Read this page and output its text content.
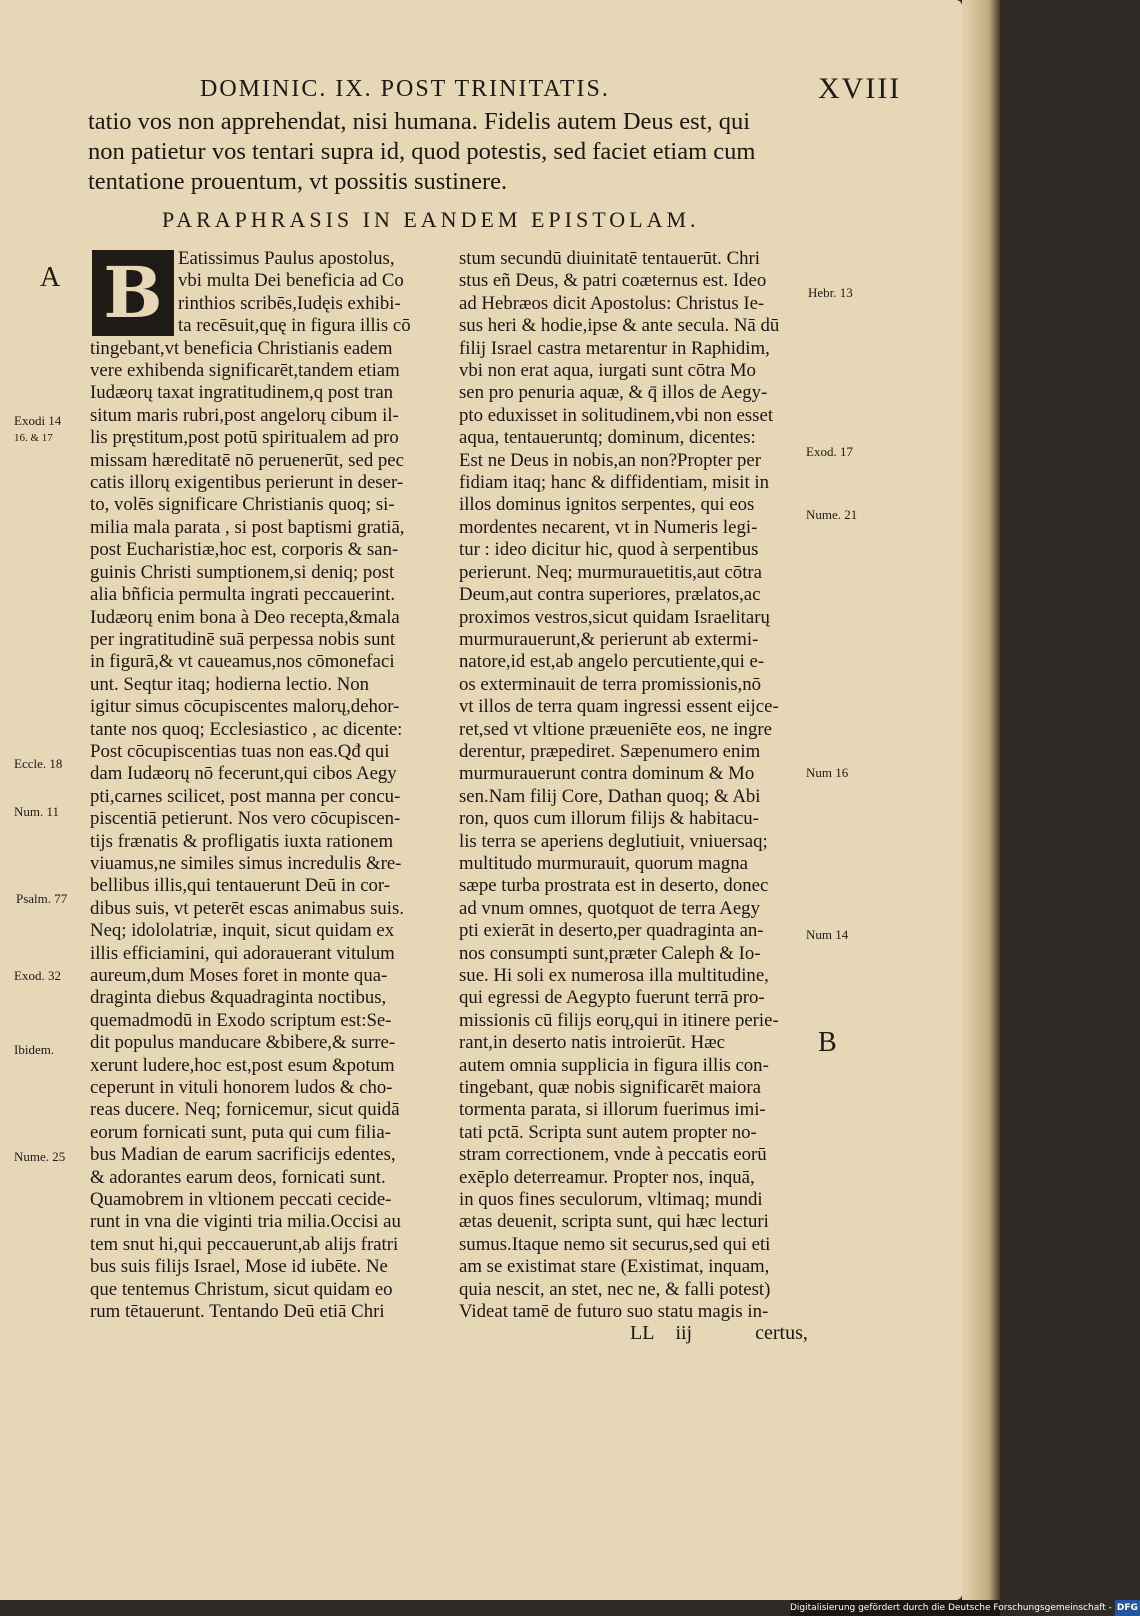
DOMINIC. IX. POST TRINITATIS.	XVIII
tatio vos non apprehendat, nisi humana. Fidelis autem Deus est, qui
non patietur vos tentari supra id, quod potestis, sed faciet etiam cum
tentatione prouentum, vt possitis sustinere.
PARAPHRASIS IN EANDEM EPISTOLAM.
B Eatissimus Paulus apostolus,
vbi multa Dei beneficia ad Co
rinthios scribēs,Iudęis exhibi-
ta recēsuit,quę in figura illis cō
tingebant,vt beneficia Christianis eadem
vere exhibenda significarēt,tandem etiam
Iudæorų taxat ingratitudinem,q post tran
situm maris rubri,post angelorų cibum il-
lis pręstitum,post potū spiritualem ad pro
missam hæreditatē nō peruenerūt, sed pec
catis illorų exigentibus perierunt in deser-
to, volēs significare Christianis quoq; si-
milia mala parata , si post baptismi gratiā,
post Eucharistiæ,hoc est, corporis & san-
guinis Christi sumptionem,si deniq; post
alia bñficia permulta ingrati peccauerint.
Iudæorų enim bona à Deo recepta,&mala
per ingratitudinē suā perpessa nobis sunt
in figurā,& vt caueamus,nos cōmonefaci
unt. Seqtur itaq; hodierna lectio. Non
igitur simus cōcupiscentes malorų,dehor-
tante nos quoq; Ecclesiastico , ac dicente:
Post cōcupiscentias tuas non eas.Qđ qui
dam Iudæorų nō fecerunt,qui cibos Aegy
pti,carnes scilicet, post manna per concu-
piscentiā petierunt. Nos vero cōcupiscen-
tijs frænatis & profligatis iuxta rationem
viuamus,ne similes simus incredulis &re-
bellibus illis,qui tentauerunt Deū in cor-
dibus suis, vt peterēt escas animabus suis.
Neq; idololatriæ, inquit, sicut quidam ex
illis efficiamini, qui adorauerant vitulum
aureum,dum Moses foret in monte qua-
draginta diebus &quadraginta noctibus,
quemadmodū in Exodo scriptum est:Se-
dit populus manducare &bibere,& surre-
xerunt ludere,hoc est,post esum &potum
ceperunt in vituli honorem ludos & cho-
reas ducere. Neq; fornicemur, sicut quidā
eorum fornicati sunt, puta qui cum filia-
bus Madian de earum sacrificijs edentes,
& adorantes earum deos, fornicati sunt.
Quamobrem in vltionem peccati cecide-
runt in vna die viginti tria milia.Occisi au
tem snut hi,qui peccauerunt,ab alijs fratri
bus suis filijs Israel, Mose id iubēte. Ne
que tentemus Christum, sicut quidam eo
rum tētauerunt. Tentando Deū etiā Chri
stum secundū diuinitatē tentauerūt. Chri
stus eñ Deus, & patri coæternus est. Ideo
ad Hebræos dicit Apostolus: Christus Ie-
sus heri & hodie,ipse & ante secula. Nā dū
filij Israel castra metarentur in Raphidim,
vbi non erat aqua, iurgati sunt cōtra Mo
sen pro penuria aquæ, & q̄ illos de Aegy-
pto eduxisset in solitudinem,vbi non esset
aqua, tentaueruntq; dominum, dicentes:
Est ne Deus in nobis,an non?Propter per
fidiam itaq; hanc & diffidentiam, misit in
illos dominus ignitos serpentes, qui eos
mordentes necarent, vt in Numeris legi-
tur : ideo dicitur hic, quod à serpentibus
perierunt. Neq; murmurauetitis,aut cōtra
Deum,aut contra superiores, prælatos,ac
proximos vestros,sicut quidam Israelitarų
murmurauerunt,& perierunt ab extermi-
natore,id est,ab angelo percutiente,qui e-
os exterminauit de terra promissionis,nō
vt illos de terra quam ingressi essent eijce-
ret,sed vt vltione præueniēte eos, ne ingre
derentur, præpediret. Sæpenumero enim
murmurauerunt contra dominum & Mo
sen.Nam filij Core, Dathan quoq; & Abi
ron, quos cum illorum filijs & habitacu-
lis terra se aperiens deglutiuit, vniuersaq;
multitudo murmurauit, quorum magna
sæpe turba prostrata est in deserto, donec
ad vnum omnes, quotquot de terra Aegy
pti exierāt in deserto,per quadraginta an-
nos consumpti sunt,præter Caleph & Io-
sue. Hi soli ex numerosa illa multitudine,
qui egressi de Aegypto fuerunt terrā pro-
missionis cū filijs eorų,qui in itinere perie-
rant,in deserto natis introierūt. Hæc
autem omnia supplicia in figura illis con-
tingebant, quæ nobis significarēt maiora
tormenta parata, si illorum fuerimus imi-
tati pctā. Scripta sunt autem propter no-
stram correctionem, vnde à peccatis eorū
exēplo deterreamur. Propter nos, inquā,
in quos fines seculorum, vltimaq; mundi
ætas deuenit, scripta sunt, qui hæc lecturi
sumus.Itaque nemo sit securus,sed qui eti
am se existimat stare (Existimat, inquam,
quia nescit, an stet, nec ne, & falli potest)
Videat tamē de futuro suo statu magis in-
A
Exodi 14
16. & 17
Eccle. 18
Num. 11
Psalm. 77
Exod. 32
Ibidem.
Nume. 25
Hebr. 13
Exod. 17
Nume. 21
Num 16
Num 14
B
LL iij	certus,
Digitalisierung gefördert durch die Deutsche Forschungsgemeinschaft - DFG
